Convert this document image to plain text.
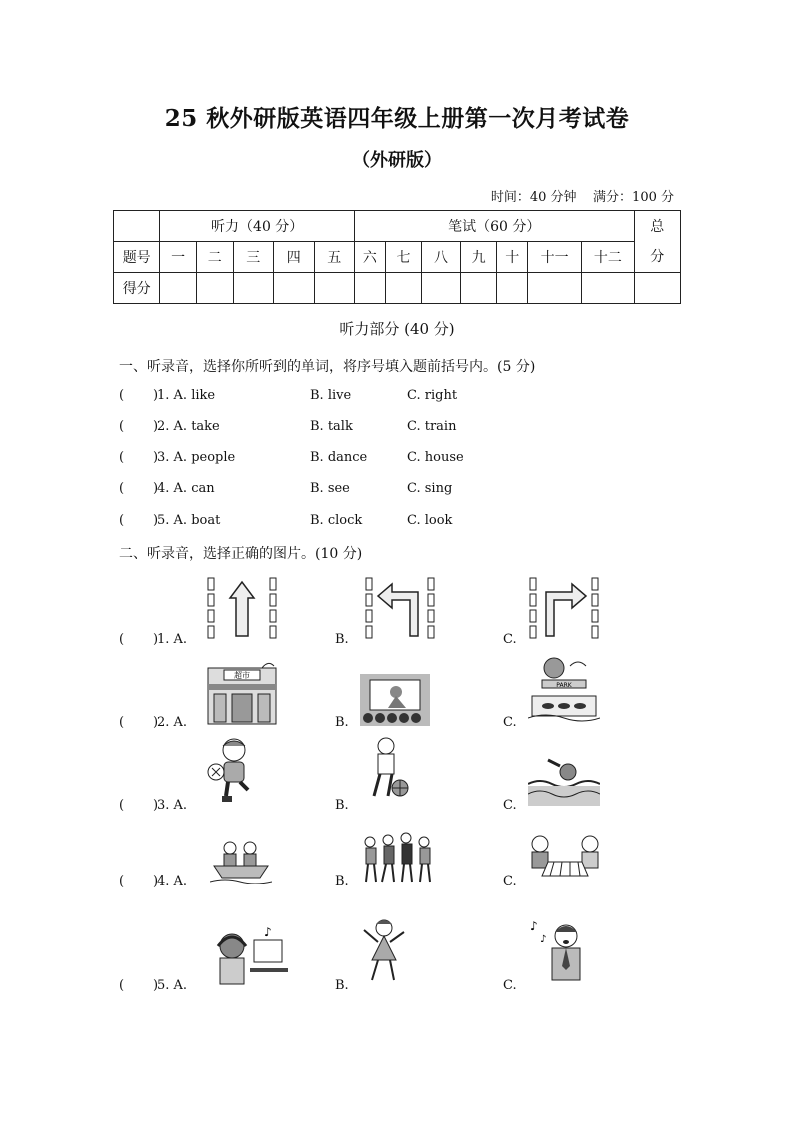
25 秋外研版英语四年级上册第一次月考试卷
（外研版）
时间：40 分钟    满分：100 分
	听力（40 分）					笔试（60 分）							总
分
题号	一	二	三	四	五	六	七	八	九	十	十一	十二	
得分													
听力部分 (40 分)
一、听录音，选择你所听到的单词，将序号填入题前括号内。(5 分)
(       )
1. A. like	B. live	C. right
(       )
2. A. take	B. talk	C. train
(       )
3. A. people	B. dance	C. house
(       )
4. A. can	B. see	C. sing
(       )
5. A. boat	B. clock	C. look
二、听录音，选择正确的图片。(10 分)
(       )
1. A.	B.	C.
(       )
2. A.	B.	C.
超市
PARK
(       )
3. A.	B.	C.
(       )
4. A.	B.	C.
(       )
5. A.	B.	C.
♪	♪
♪
